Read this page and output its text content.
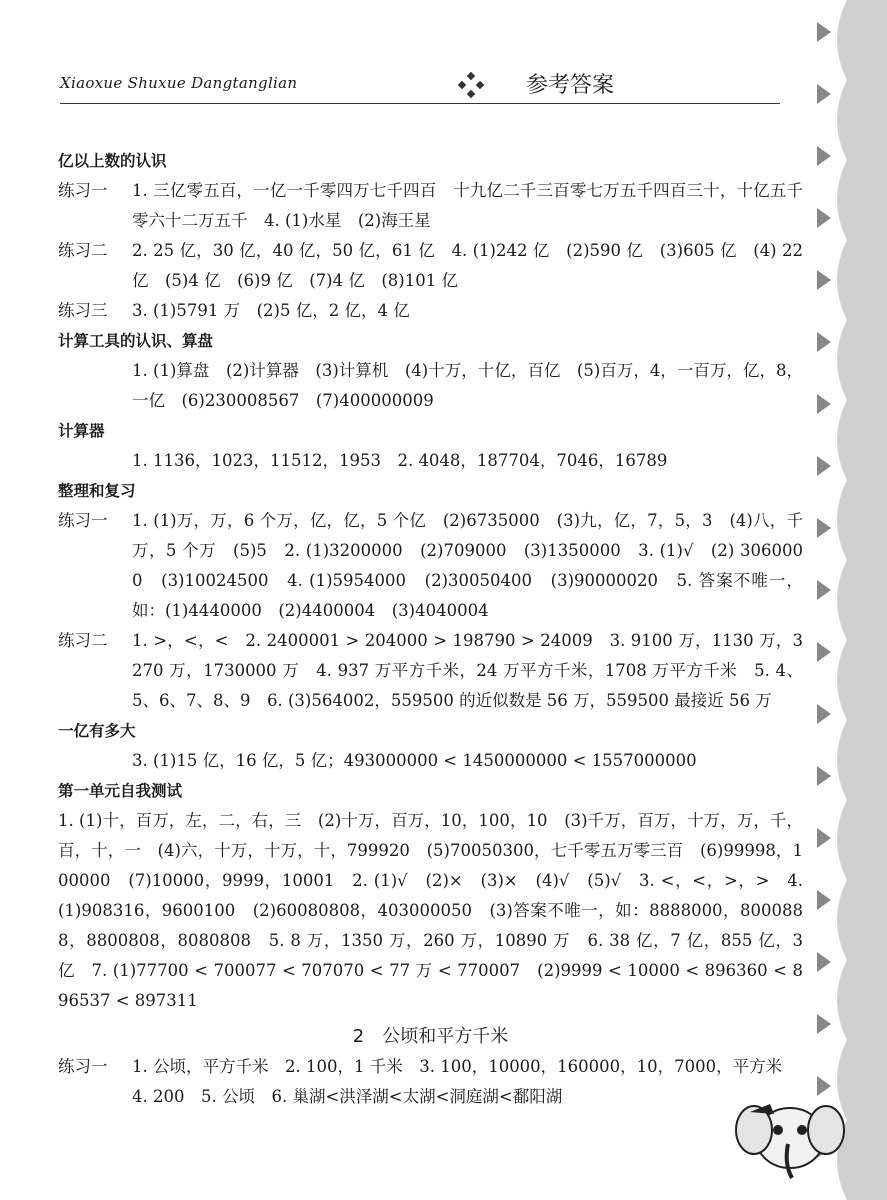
Xiaoxue Shuxue Dangtanglian	参考答案
亿以上数的认识
练习一	1. 三亿零五百，一亿一千零四万七千四百　十九亿二千三百零七万五千四百三十，十亿五千零六十二万五千　4. (1)水星　(2)海王星
练习二	2. 25 亿，30 亿，40 亿，50 亿，61 亿　4. (1)242 亿　(2)590 亿　(3)605 亿　(4) 22 亿　(5)4 亿　(6)9 亿　(7)4 亿　(8)101 亿
练习三	3. (1)5791 万　(2)5 亿，2 亿，4 亿
计算工具的认识、算盘
1. (1)算盘　(2)计算器　(3)计算机　(4)十万，十亿，百亿　(5)百万，4，一百万，亿，8，一亿　(6)230008567　(7)400000009
计算器
1. 1136，1023，11512，1953　2. 4048，187704，7046，16789
整理和复习
练习一	1. (1)万，万，6 个万，亿，亿，5 个亿　(2)6735000　(3)九，亿，7，5，3　(4)八，千万，5 个万　(5)5　2. (1)3200000　(2)709000　(3)1350000　3. (1)√　(2) 3060000　(3)10024500　4. (1)5954000　(2)30050400　(3)90000020　5. 答案不唯一，如：(1)4440000　(2)4400004　(3)4040004
练习二	1. >，<，<　2. 2400001 > 204000 > 198790 > 24009　3. 9100 万，1130 万，3270 万，1730000 万　4. 937 万平方千米，24 万平方千米，1708 万平方千米　5. 4、5、6、7、8、9　6. (3)564002，559500 的近似数是 56 万，559500 最接近 56 万
一亿有多大
3. (1)15 亿，16 亿，5 亿；493000000 < 1450000000 < 1557000000
第一单元自我测试
1. (1)十，百万，左，二，右，三　(2)十万，百万，10，100，10　(3)千万，百万，十万，万，千，百，十，一　(4)六，十万，十万，十，799920　(5)70050300，七千零五万零三百　(6)99998，100000　(7)10000，9999，10001　2. (1)√　(2)×　(3)×　(4)√　(5)√　3. <，<，>，>　4. (1)908316，9600100　(2)60080808，403000050　(3)答案不唯一，如：8888000，8000888，8800808，8080808　5. 8 万，1350 万，260 万，10890 万　6. 38 亿，7 亿，855 亿，3 亿　7. (1)77700 < 700077 < 707070 < 77 万 < 770007　(2)9999 < 10000 < 896360 < 896537 < 897311
2　公顷和平方千米
练习一	1. 公顷，平方千米　2. 100，1 千米　3. 100，10000，160000，10，7000，平方米
4. 200　5. 公顷　6. 巢湖<洪泽湖<太湖<洞庭湖<鄱阳湖
